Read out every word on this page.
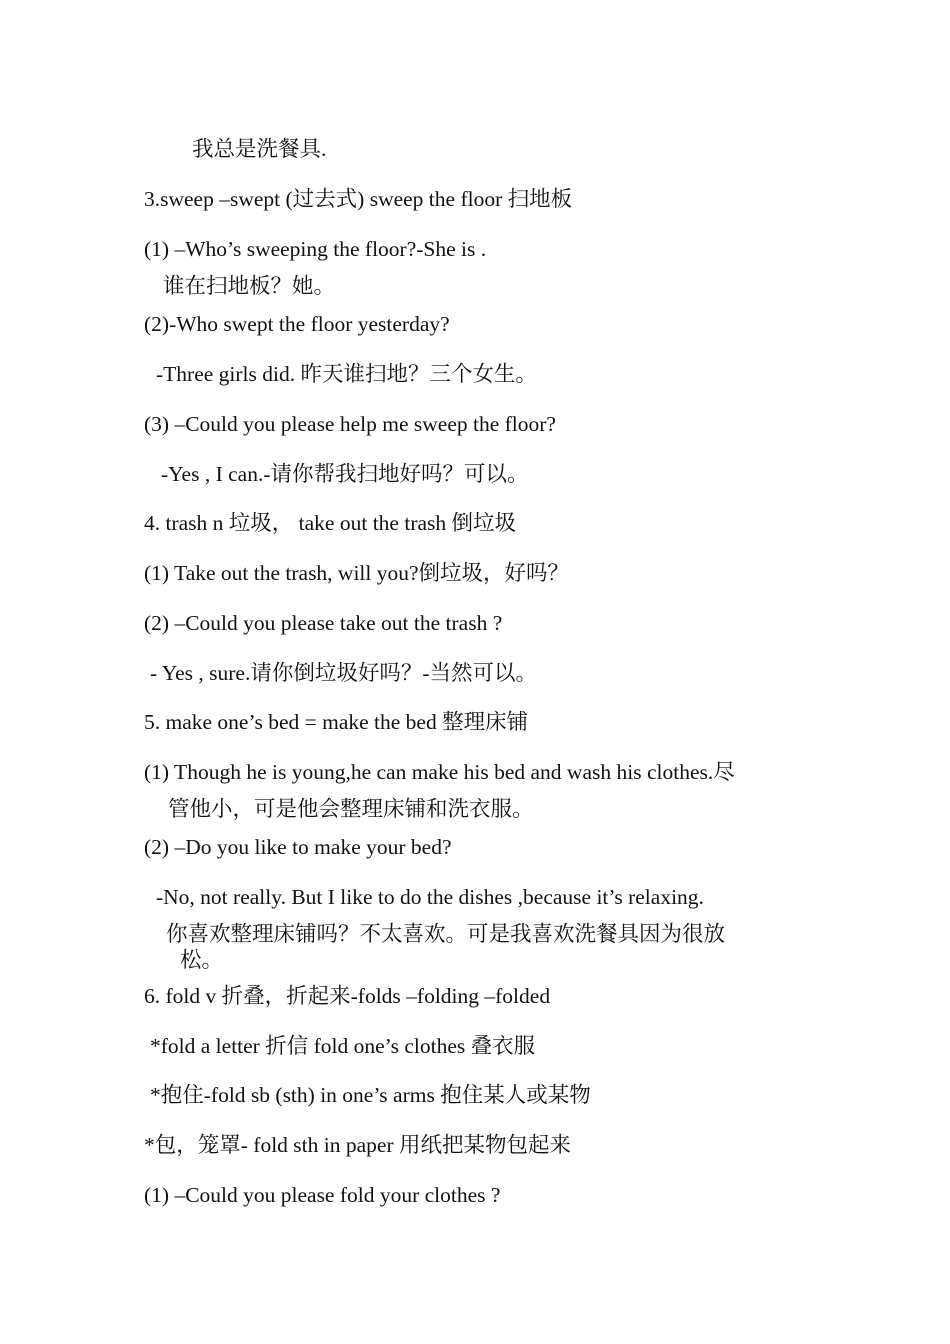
我总是洗餐具.
3.sweep –swept (过去式) sweep the floor 扫地板
(1) –Who’s sweeping the floor?-She is .
谁在扫地板？她。
(2)-Who swept the floor yesterday?
-Three girls did. 昨天谁扫地？三个女生。
(3) –Could you please help me sweep the floor?
-Yes , I can.-请你帮我扫地好吗？可以。
4. trash n 垃圾， take out the trash 倒垃圾
(1) Take out the trash, will you?倒垃圾，好吗？
(2) –Could you please take out the trash ?
- Yes , sure.请你倒垃圾好吗？-当然可以。
5. make one’s bed = make the bed 整理床铺
(1) Though he is young,he can make his bed and wash his clothes.尽
管他小，可是他会整理床铺和洗衣服。
(2) –Do you like to make your bed?
-No, not really. But I like to do the dishes ,because it’s relaxing.
你喜欢整理床铺吗？不太喜欢。可是我喜欢洗餐具因为很放
松。
6. fold v 折叠，折起来-folds –folding –folded
*fold a letter 折信 fold one’s clothes 叠衣服
*抱住-fold sb (sth) in one’s arms 抱住某人或某物
*包，笼罩- fold sth in paper 用纸把某物包起来
(1) –Could you please fold your clothes ?
